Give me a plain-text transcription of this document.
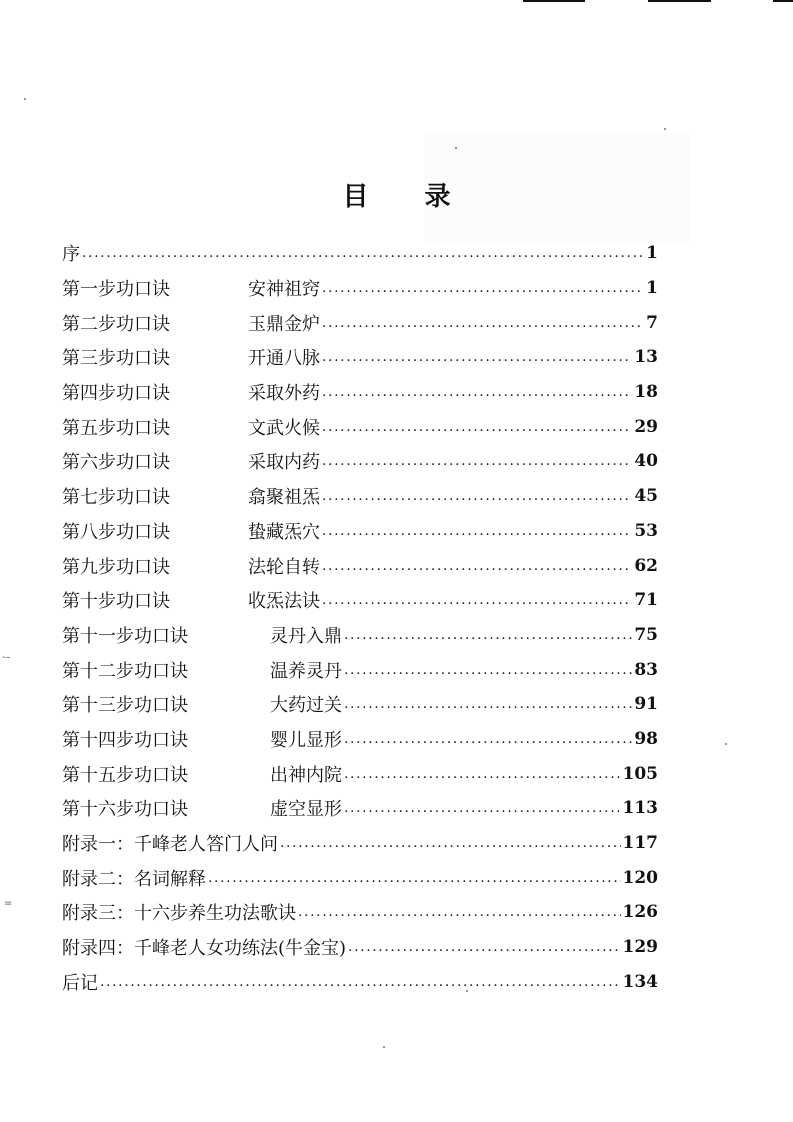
-–
=
目 录
序 ·····	1
第一步功口诀	安神祖窍 ·····	1
第二步功口诀	玉鼎金炉 ·····	7
第三步功口诀	开通八脉 ·····	13
第四步功口诀	采取外药 ·····	18
第五步功口诀	文武火候 ·····	29
第六步功口诀	采取内药 ·····	40
第七步功口诀	翕聚祖炁 ·····	45
第八步功口诀	蛰藏炁穴 ·····	53
第九步功口诀	法轮自转 ·····	62
第十步功口诀	收炁法诀 ·····	71
第十一步功口诀	灵丹入鼎 ·····	75
第十二步功口诀	温养灵丹 ·····	83
第十三步功口诀	大药过关 ·····	91
第十四步功口诀	婴儿显形 ·····	98
第十五步功口诀	出神内院 ·····	105
第十六步功口诀	虚空显形 ·····	113
附录一：千峰老人答门人问 ·····	117
附录二：名词解释 ·····	120
附录三：十六步养生功法歌诀 ·····	126
附录四：千峰老人女功练法(牛金宝) ·····	129
后记 ·····	134
